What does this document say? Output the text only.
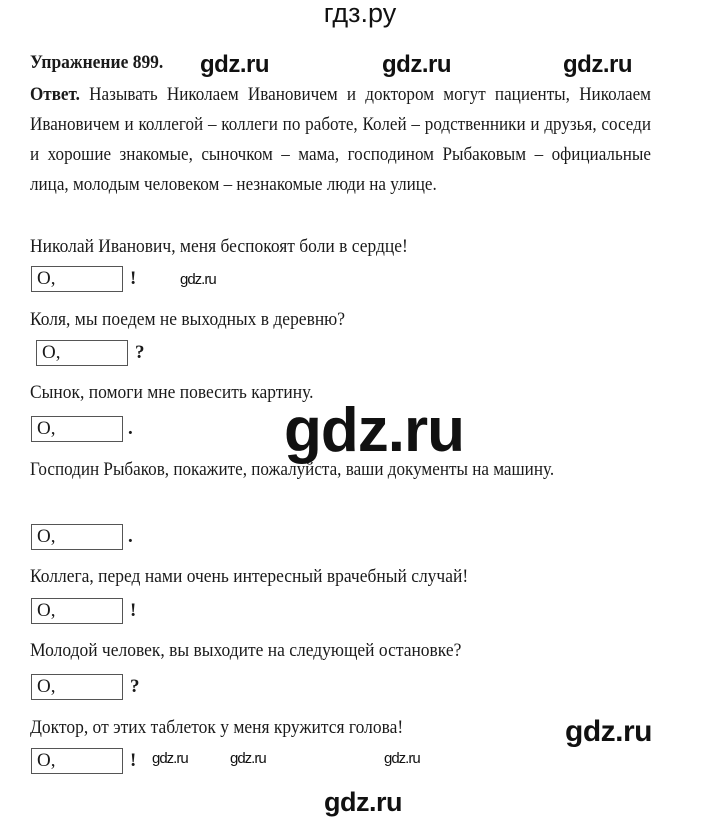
гдз.ру
Упражнение 899.
Ответ. Называть Николаем Ивановичем и доктором могут пациенты, Николаем Ивановичем и коллегой – коллеги по работе, Колей – родственники и друзья, соседи и хорошие знакомые, сыночком – мама, господином Рыбаковым – официальные лица, молодым человеком – незнакомые люди на улице.
Николай Иванович, меня беспокоят боли в сердце!
О,	!
Коля, мы поедем не выходных в деревню?
О,	?
Сынок, помоги мне повесить картину.
О,	.
Господин Рыбаков, покажите, пожалуйста, ваши документы на машину.
О,	.
Коллега, перед нами очень интересный врачебный случай!
О,	!
Молодой человек, вы выходите на следующей остановке?
О,	?
Доктор, от этих таблеток у меня кружится голова!
О,	!
gdz.ru	gdz.ru	gdz.ru
gdz.ru
gdz.ru
gdz.ru
gdz.ru	gdz.ru	gdz.ru
gdz.ru
